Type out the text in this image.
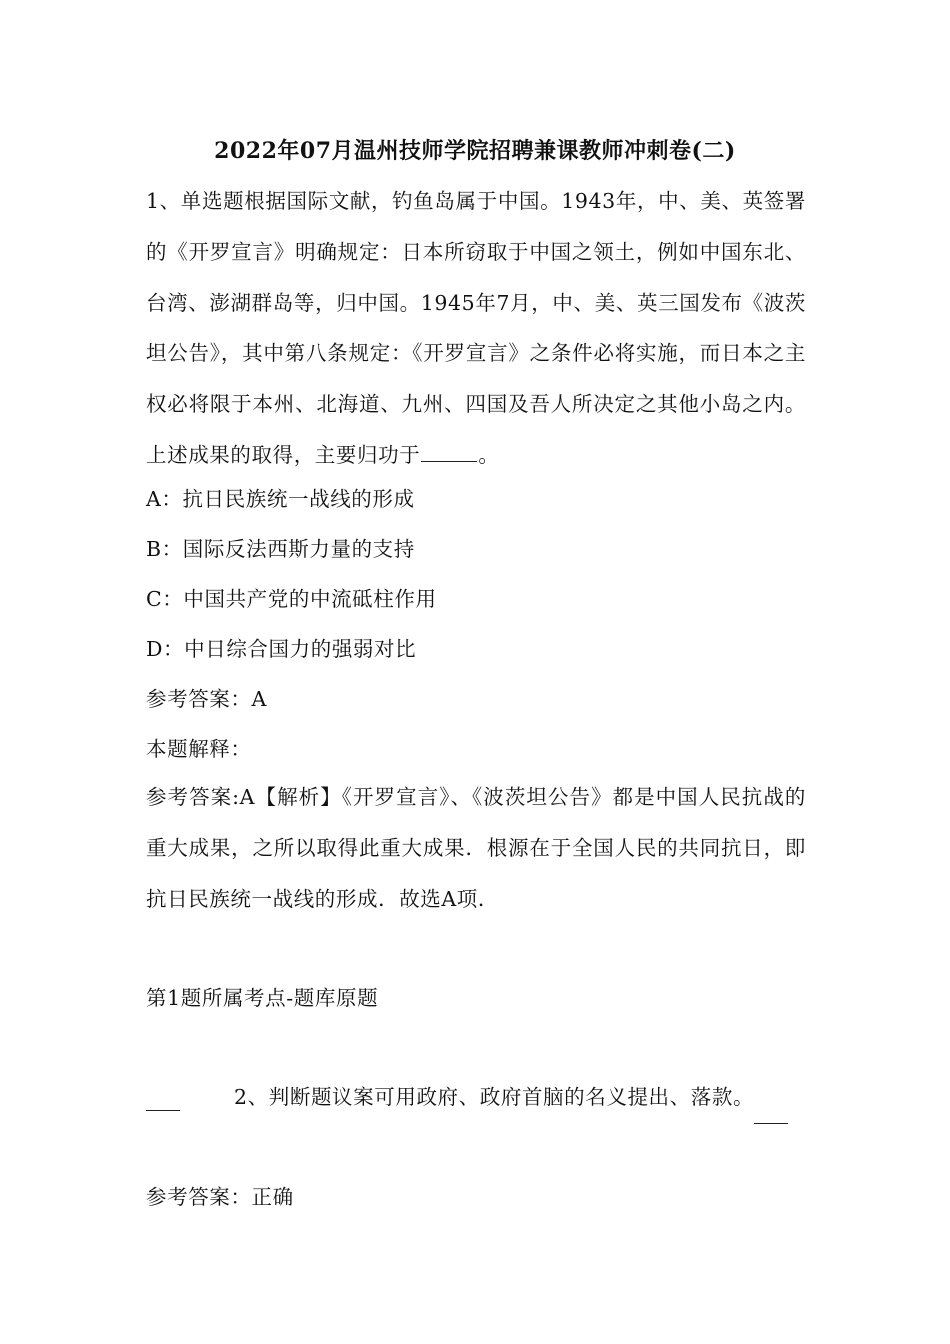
2022年07月温州技师学院招聘兼课教师冲刺卷(二)
1、单选题根据国际文献，钓鱼岛属于中国。1943年，中、美、英签署的《开罗宣言》明确规定：日本所窃取于中国之领土，例如中国东北、台湾、澎湖群岛等，归中国。1945年7月，中、美、英三国发布《波茨坦公告》，其中第八条规定：《开罗宣言》之条件必将实施，而日本之主权必将限于本州、北海道、九州、四国及吾人所决定之其他小岛之内。上述成果的取得，主要归功于	。
A：抗日民族统一战线的形成
B：国际反法西斯力量的支持
C：中国共产党的中流砥柱作用
D：中日综合国力的强弱对比
参考答案：A
本题解释：
参考答案:A【解析】《开罗宣言》、《波茨坦公告》都是中国人民抗战的重大成果，之所以取得此重大成果．根源在于全国人民的共同抗日，即抗日民族统一战线的形成．故选A项．
第1题所属考点-题库原题
2、判断题议案可用政府、政府首脑的名义提出、落款。
参考答案：正确
